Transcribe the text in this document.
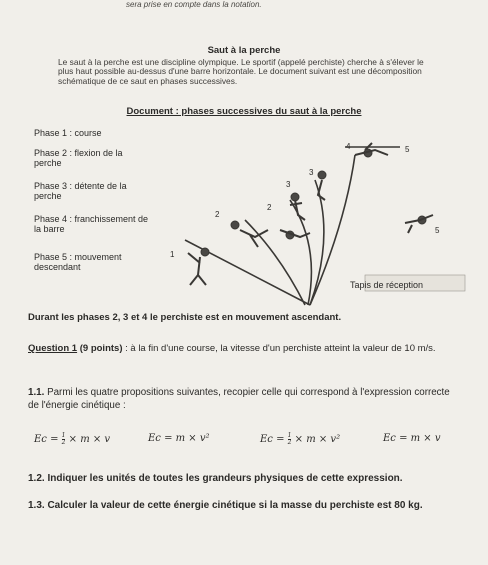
sera prise en compte dans la notation.
Saut à la perche
Le saut à la perche est une discipline olympique. Le sportif (appelé perchiste) cherche à s'élever le plus haut possible au-dessus d'une barre horizontale. Le document suivant est une décomposition schématique de ce saut en phases successives.
Document : phases successives du saut à la perche
Phase 1 : course
Phase 2 : flexion de la perche
Phase 3 : détente de la perche
Phase 4 : franchissement de la barre
Phase 5 : mouvement descendant
1
2
2
3
3
4	5
5
Tapis de réception
Durant les phases 2, 3 et 4 le perchiste est en mouvement ascendant.
Question 1 (9 points) : à la fin d'une course, la vitesse d'un perchiste atteint la valeur de 10 m/s.
1.1. Parmi les quatre propositions suivantes, recopier celle qui correspond à l'expression correcte de l'énergie cinétique :
$Ec = \frac{1}{2} \times m \times v$	Ec = m × v²	$Ec = \frac{1}{2} \times m \times v^2$	Ec = m × v
1.2. Indiquer les unités de toutes les grandeurs physiques de cette expression.
1.3. Calculer la valeur de cette énergie cinétique si la masse du perchiste est 80 kg.
